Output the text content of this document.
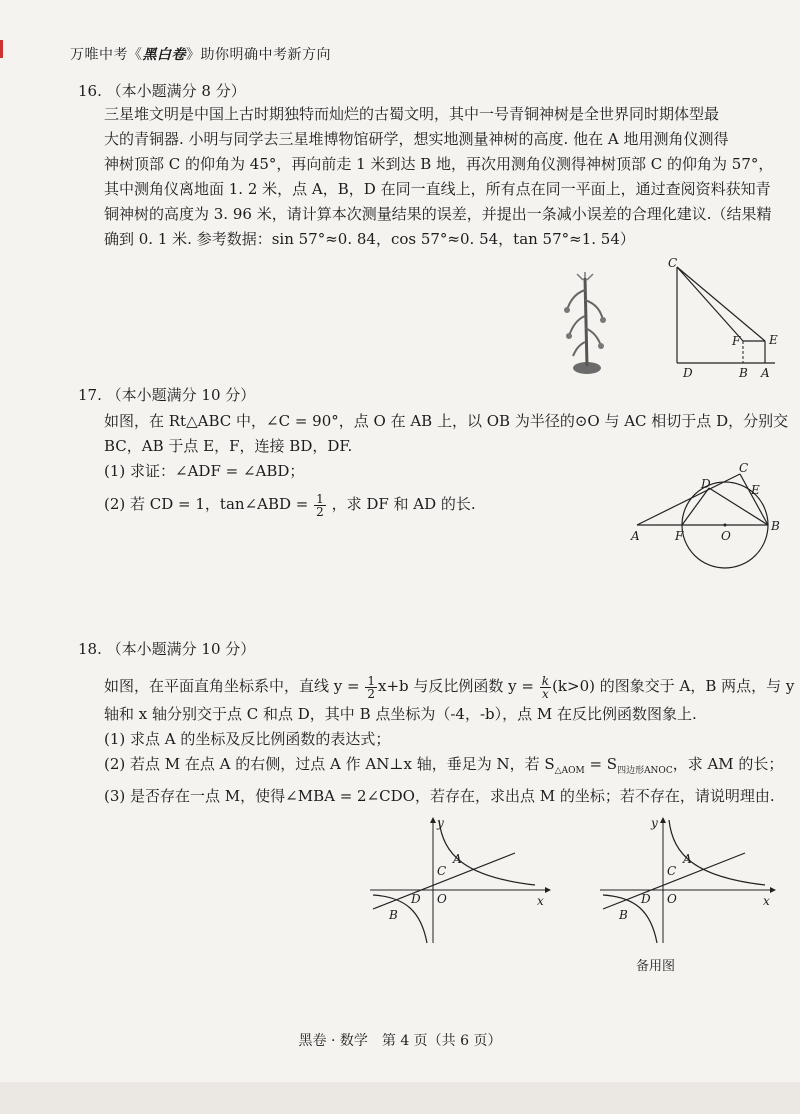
万唯中考《黑白卷》助你明确中考新方向
16. （本小题满分 8 分）
三星堆文明是中国上古时期独特而灿烂的古蜀文明，其中一号青铜神树是全世界同时期体型最
大的青铜器. 小明与同学去三星堆博物馆研学，想实地测量神树的高度. 他在 A 地用测角仪测得
神树顶部 C 的仰角为 45°，再向前走 1 米到达 B 地，再次用测角仪测得神树顶部 C 的仰角为 57°，
其中测角仪离地面 1. 2 米，点 A，B，D 在同一直线上，所有点在同一平面上，通过查阅资料获知青
铜神树的高度为 3. 96 米，请计算本次测量结果的误差，并提出一条减小误差的合理化建议.（结果精
确到 0. 1 米. 参考数据：sin 57°≈0. 84，cos 57°≈0. 54，tan 57°≈1. 54）
C
F E
D	B A
17. （本小题满分 10 分）
如图，在 Rt△ABC 中，∠C = 90°，点 O 在 AB 上，以 OB 为半径的⊙O 与 AC 相切于点 D，分别交
BC，AB 于点 E，F，连接 BD，DF.
(1) 求证：∠ADF = ∠ABD；
(2) 若 CD = 1，tan∠ABD = $\frac{1}{2}$ ，求 DF 和 AD 的长.
C
D	E
A	F	O
B
18. （本小题满分 10 分）
如图，在平面直角坐标系中，直线 $y = \frac{1}{2} x+b$ 与反比例函数 $y = \frac{k}{x} (k>0)$ 的图象交于 A，B 两点，与 y
轴和 x 轴分别交于点 C 和点 D，其中 B 点坐标为（-4，-b），点 M 在反比例函数图象上.
(1) 求点 A 的坐标及反比例函数的表达式；
(2) 若点 M 在点 A 的右侧，过点 A 作 AN⊥x 轴，垂足为 N，若 $S_{\triangle AOM} = S_{四边形ANOC}$，求 AM 的长；
(3) 是否存在一点 M，使得∠MBA = 2∠CDO，若存在，求出点 M 的坐标；若不存在，请说明理由.
y
x
A
C
D O
B
y
x
A
C
D O
B
备用图
黑卷 · 数学　第 4 页（共 6 页）
